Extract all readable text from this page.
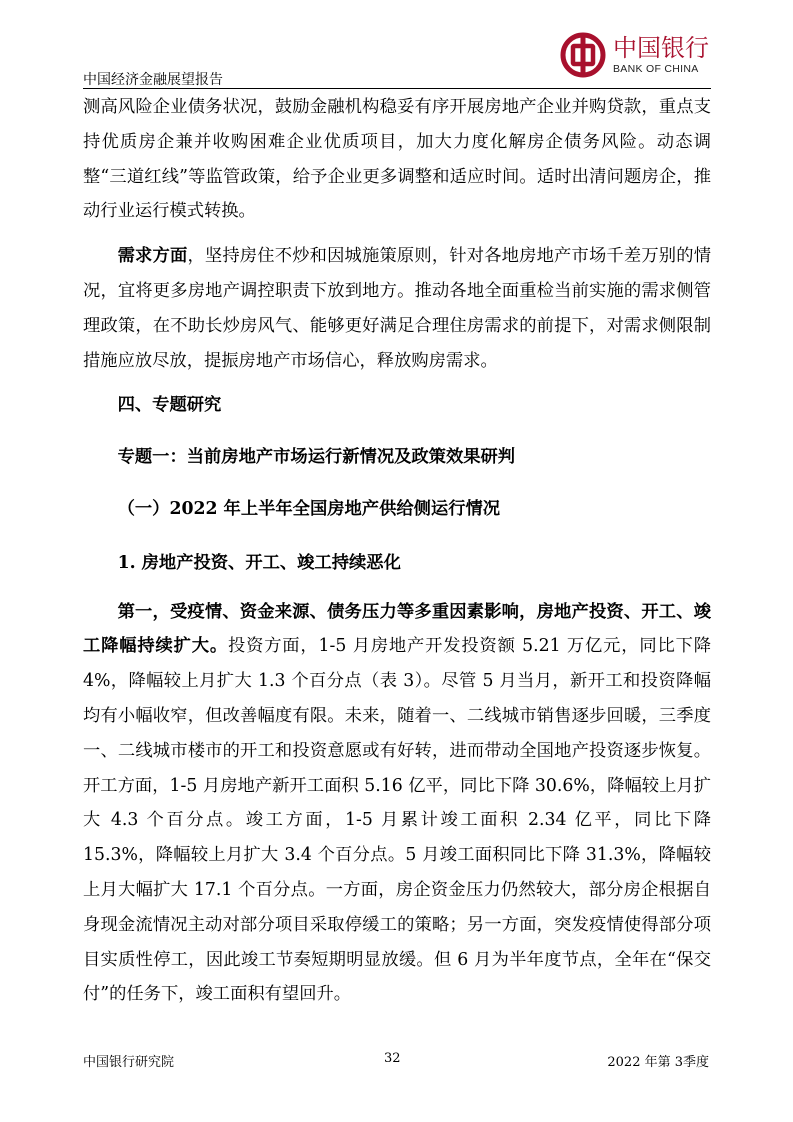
中国经济金融展望报告
中国银行
BANK OF CHINA

测高风险企业债务状况，鼓励金融机构稳妥有序开展房地产企业并购贷款，重点支持优质房企兼并收购困难企业优质项目，加大力度化解房企债务风险。动态调整“三道红线”等监管政策，给予企业更多调整和适应时间。适时出清问题房企，推动行业运行模式转换。

需求方面，坚持房住不炒和因城施策原则，针对各地房地产市场千差万别的情况，宜将更多房地产调控职责下放到地方。推动各地全面重检当前实施的需求侧管理政策，在不助长炒房风气、能够更好满足合理住房需求的前提下，对需求侧限制措施应放尽放，提振房地产市场信心，释放购房需求。

四、专题研究
专题一：当前房地产市场运行新情况及政策效果研判
（一）2022 年上半年全国房地产供给侧运行情况
1. 房地产投资、开工、竣工持续恶化

第一，受疫情、资金来源、债务压力等多重因素影响，房地产投资、开工、竣工降幅持续扩大。投资方面，1-5 月房地产开发投资额 5.21 万亿元，同比下降 4%，降幅较上月扩大 1.3 个百分点（表 3）。尽管 5 月当月，新开工和投资降幅均有小幅收窄，但改善幅度有限。未来，随着一、二线城市销售逐步回暖，三季度一、二线城市楼市的开工和投资意愿或有好转，进而带动全国地产投资逐步恢复。开工方面，1-5 月房地产新开工面积 5.16 亿平，同比下降 30.6%，降幅较上月扩大 4.3 个百分点。竣工方面，1-5 月累计竣工面积 2.34 亿平，同比下降 15.3%，降幅较上月扩大 3.4 个百分点。5 月竣工面积同比下降 31.3%，降幅较上月大幅扩大 17.1 个百分点。一方面，房企资金压力仍然较大，部分房企根据自身现金流情况主动对部分项目采取停缓工的策略；另一方面，突发疫情使得部分项目实质性停工，因此竣工节奏短期明显放缓。但 6 月为半年度节点，全年在“保交付”的任务下，竣工面积有望回升。

中国银行研究院	32	2022 年第 3季度
